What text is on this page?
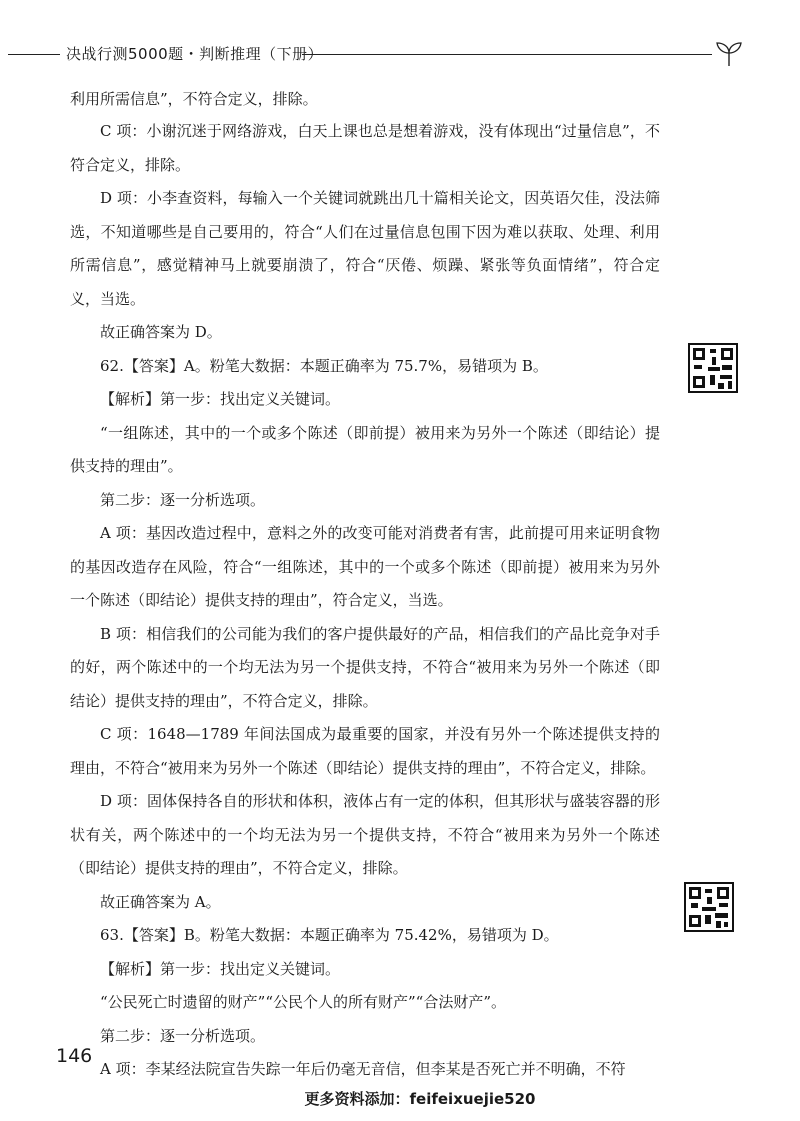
决战行测5000题・判断推理（下册）

利用所需信息”，不符合定义，排除。

C 项：小谢沉迷于网络游戏，白天上课也总是想着游戏，没有体现出“过量信息”，不符合定义，排除。

D 项：小李查资料，每输入一个关键词就跳出几十篇相关论文，因英语欠佳，没法筛选，不知道哪些是自己要用的，符合“人们在过量信息包围下因为难以获取、处理、利用所需信息”，感觉精神马上就要崩溃了，符合“厌倦、烦躁、紧张等负面情绪”，符合定义，当选。

故正确答案为 D。

62.【答案】A。粉笔大数据：本题正确率为 75.7%，易错项为 B。

【解析】第一步：找出定义关键词。

“一组陈述，其中的一个或多个陈述（即前提）被用来为另外一个陈述（即结论）提供支持的理由”。

第二步：逐一分析选项。

A 项：基因改造过程中，意料之外的改变可能对消费者有害，此前提可用来证明食物的基因改造存在风险，符合“一组陈述，其中的一个或多个陈述（即前提）被用来为另外一个陈述（即结论）提供支持的理由”，符合定义，当选。

B 项：相信我们的公司能为我们的客户提供最好的产品，相信我们的产品比竞争对手的好，两个陈述中的一个均无法为另一个提供支持，不符合“被用来为另外一个陈述（即结论）提供支持的理由”，不符合定义，排除。

C 项：1648—1789 年间法国成为最重要的国家，并没有另外一个陈述提供支持的理由，不符合“被用来为另外一个陈述（即结论）提供支持的理由”，不符合定义，排除。

D 项：固体保持各自的形状和体积，液体占有一定的体积，但其形状与盛装容器的形状有关，两个陈述中的一个均无法为另一个提供支持，不符合“被用来为另外一个陈述（即结论）提供支持的理由”，不符合定义，排除。

故正确答案为 A。

63.【答案】B。粉笔大数据：本题正确率为 75.42%，易错项为 D。

【解析】第一步：找出定义关键词。

“公民死亡时遗留的财产”“公民个人的所有财产”“合法财产”。

第二步：逐一分析选项。

A 项：李某经法院宣告失踪一年后仍毫无音信，但李某是否死亡并不明确，不符

146
更多资料添加：feifeixuejie520
